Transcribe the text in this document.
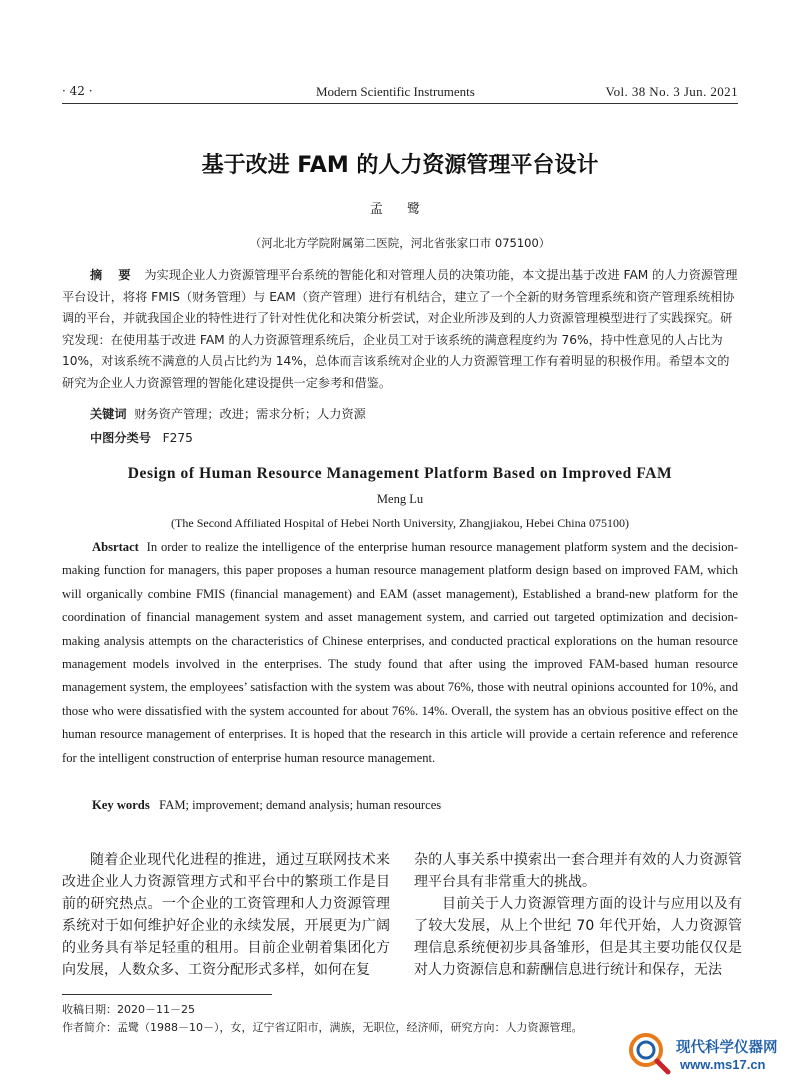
· 42 ·	Modern Scientific Instruments	Vol. 38 No. 3 Jun. 2021
基于改进 FAM 的人力资源管理平台设计
孟 鹭
（河北北方学院附属第二医院，河北省张家口市 075100）
摘 要 为实现企业人力资源管理平台系统的智能化和对管理人员的决策功能，本文提出基于改进 FAM 的人力资源管理平台设计，将将 FMIS（财务管理）与 EAM（资产管理）进行有机结合，建立了一个全新的财务管理系统和资产管理系统相协调的平台，并就我国企业的特性进行了针对性优化和决策分析尝试，对企业所涉及到的人力资源管理模型进行了实践探究。研究发现：在使用基于改进 FAM 的人力资源管理系统后，企业员工对于该系统的满意程度约为 76%，持中性意见的人占比为 10%，对该系统不满意的人员占比约为 14%，总体而言该系统对企业的人力资源管理工作有着明显的积极作用。希望本文的研究为企业人力资源管理的智能化建设提供一定参考和借鉴。
关键词 财务资产管理；改进；需求分析；人力资源
中图分类号 F275
Design of Human Resource Management Platform Based on Improved FAM
Meng Lu
(The Second Affiliated Hospital of Hebei North University, Zhangjiakou, Hebei China 075100)
Absrtact In order to realize the intelligence of the enterprise human resource management platform system and the decision-making function for managers, this paper proposes a human resource management platform design based on improved FAM, which will organically combine FMIS (financial management) and EAM (asset management), Established a brand-new platform for the coordination of financial management system and asset management system, and carried out targeted optimization and decision-making analysis attempts on the characteristics of Chinese enterprises, and conducted practical explorations on the human resource management models involved in the enterprises. The study found that after using the improved FAM-based human resource management system, the employees’ satisfaction with the system was about 76%, those with neutral opinions accounted for 10%, and those who were dissatisfied with the system accounted for about 76%. 14%. Overall, the system has an obvious positive effect on the human resource management of enterprises. It is hoped that the research in this article will provide a certain reference and reference for the intelligent construction of enterprise human resource management.
Key words FAM; improvement; demand analysis; human resources
随着企业现代化进程的推进，通过互联网技术来改进企业人力资源管理方式和平台中的繁琐工作是目前的研究热点。一个企业的工资管理和人力资源管理系统对于如何维护好企业的永续发展，开展更为广阔的业务具有举足轻重的租用。目前企业朝着集团化方向发展，人数众多、工资分配形式多样，如何在复
杂的人事关系中摸索出一套合理并有效的人力资源管理平台具有非常重大的挑战。
目前关于人力资源管理方面的设计与应用以及有了较大发展，从上个世纪 70 年代开始，人力资源管理信息系统便初步具备雏形，但是其主要功能仅仅是对人力资源信息和薪酬信息进行统计和保存，无法
收稿日期：2020－11－25
作者简介：孟鹭（1988－10－），女，辽宁省辽阳市，满族，无职位，经济师，研究方向：人力资源管理。
现代科学仪器网
www.ms17.cn
